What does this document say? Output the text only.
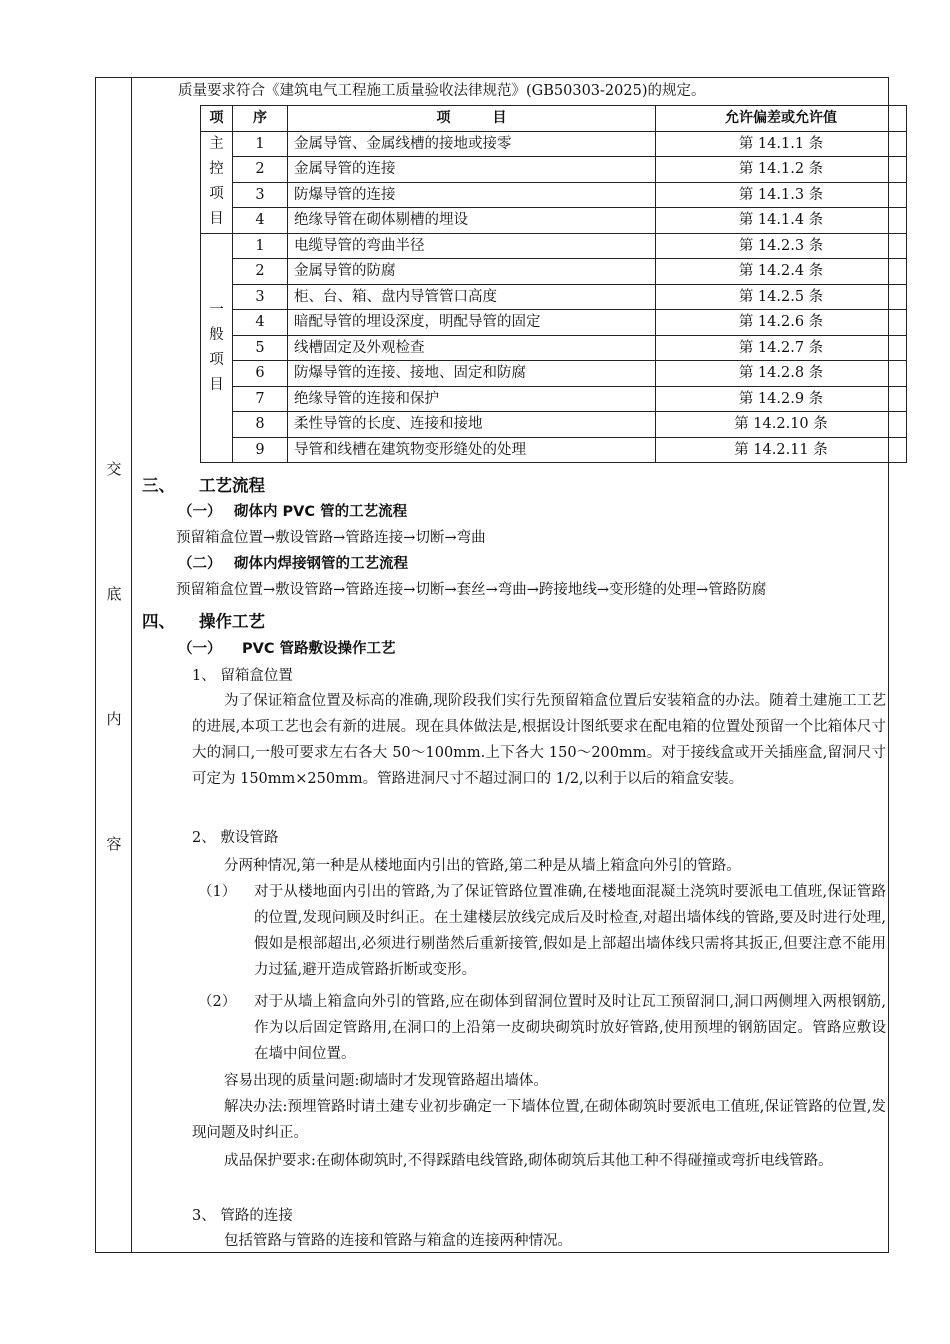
交
底
内
容
质量要求符合《建筑电气工程施工质量验收法律规范》(GB50303-2025)的规定。
项	序	项　　　目	允许偏差或允许值

主
控
项
目	1	金属导管、金属线槽的接地或接零	第 14.1.1 条
	2	金属导管的连接	第 14.1.2 条
	3	防爆导管的连接	第 14.1.3 条
	4	绝缘导管在砌体剔槽的埋设	第 14.1.4 条

一
般
项
目	1	电缆导管的弯曲半径	第 14.2.3 条
	2	金属导管的防腐	第 14.2.4 条
	3	柜、台、箱、盘内导管管口高度	第 14.2.5 条
	4	暗配导管的埋设深度，明配导管的固定	第 14.2.6 条
	5	线槽固定及外观检查	第 14.2.7 条
	6	防爆导管的连接、接地、固定和防腐	第 14.2.8 条
	7	绝缘导管的连接和保护	第 14.2.9 条
	8	柔性导管的长度、连接和接地	第 14.2.10 条
	9	导管和线槽在建筑物变形缝处的处理	第 14.2.11 条
三、 工艺流程
（一） 砌体内 PVC 管的工艺流程
预留箱盒位置→敷设管路→管路连接→切断→弯曲
（二） 砌体内焊接钢管的工艺流程
预留箱盒位置→敷设管路→管路连接→切断→套丝→弯曲→跨接地线→变形缝的处理→管路防腐
四、 操作工艺
（一） PVC 管路敷设操作工艺
1、 留箱盒位置
为了保证箱盒位置及标高的准确,现阶段我们实行先预留箱盒位置后安装箱盒的办法。随着土建施工工艺的进展,本项工艺也会有新的进展。现在具体做法是,根据设计图纸要求在配电箱的位置处预留一个比箱体尺寸大的洞口,一般可要求左右各大 50～100mm.上下各大 150～200mm。对于接线盒或开关插座盒,留洞尺寸可定为 150mm×250mm。管路进洞尺寸不超过洞口的 1/2,以利于以后的箱盒安装。
2、 敷设管路
分两种情况,第一种是从楼地面内引出的管路,第二种是从墙上箱盒向外引的管路。
（1） 对于从楼地面内引出的管路,为了保证管路位置准确,在楼地面混凝土浇筑时要派电工值班,保证管路的位置,发现问顾及时纠正。在土建楼层放线完成后及时检查,对超出墙体线的管路,要及时进行处理,假如是根部超出,必须进行剔凿然后重新接管,假如是上部超出墙体线只需将其扳正,但要注意不能用力过猛,避开造成管路折断或变形。
（2） 对于从墙上箱盒向外引的管路,应在砌体到留洞位置时及时让瓦工预留洞口,洞口两侧埋入两根钢筋,作为以后固定管路用,在洞口的上沿第一皮砌块砌筑时放好管路,使用预埋的钢筋固定。管路应敷设在墙中间位置。
容易出现的质量问题:砌墙时才发现管路超出墙体。
解决办法:预埋管路时请土建专业初步确定一下墙体位置,在砌体砌筑时要派电工值班,保证管路的位置,发现问题及时纠正。
成品保护要求:在砌体砌筑时,不得踩踏电线管路,砌体砌筑后其他工种不得碰撞或弯折电线管路。
3、 管路的连接
包括管路与管路的连接和管路与箱盒的连接两种情况。
